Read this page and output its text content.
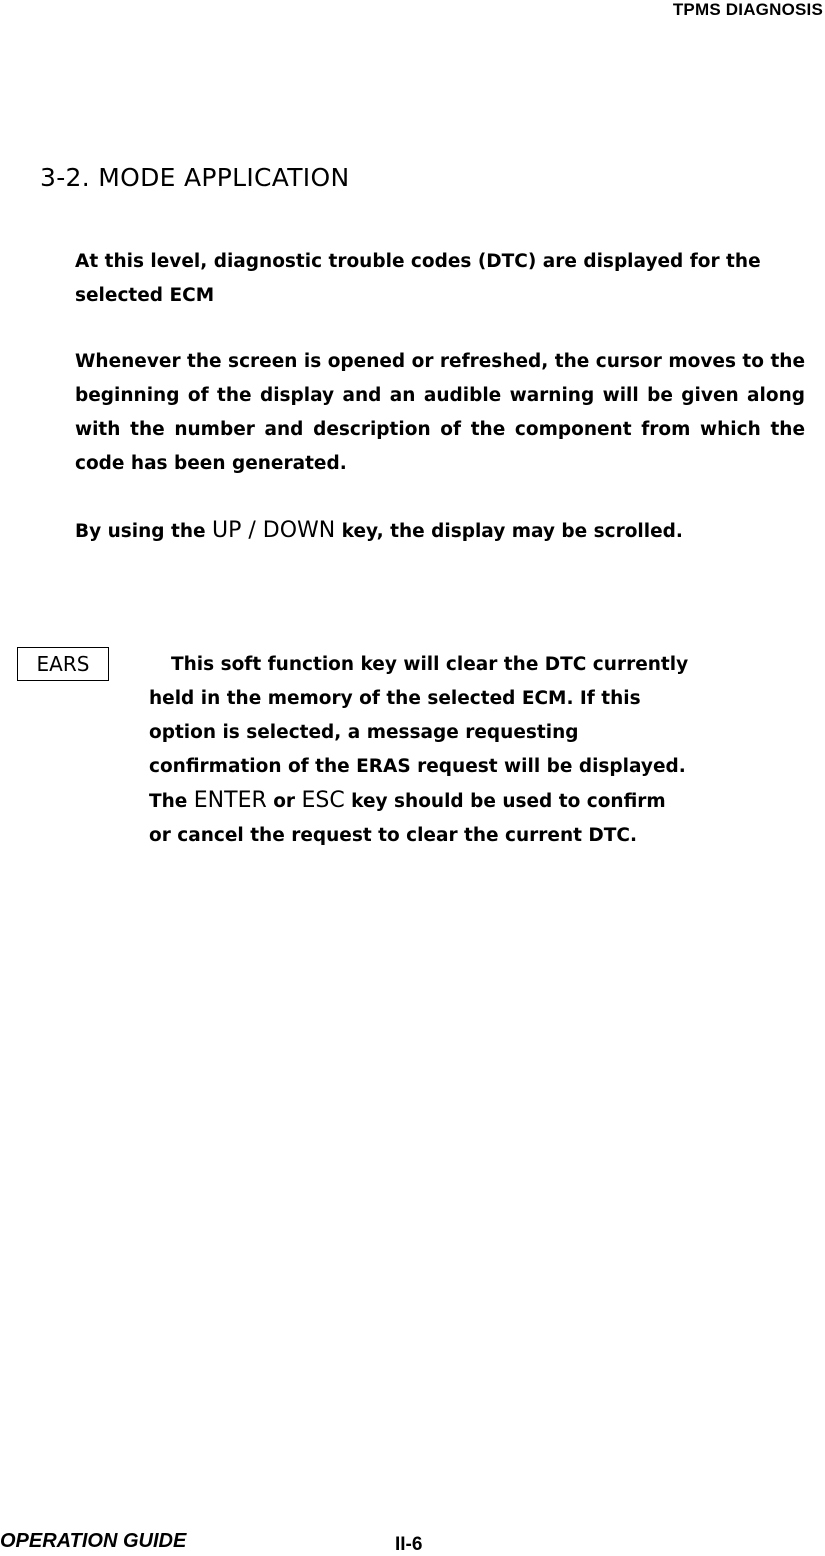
TPMS DIAGNOSIS
3-2. MODE APPLICATION
At this level, diagnostic trouble codes (DTC) are displayed for the selected ECM
Whenever the screen is opened or refreshed, the cursor moves to the beginning of the display and an audible warning will be given along with the number and description of the component from which the code has been generated.
By using the UP / DOWN key, the display may be scrolled.
EARS	This soft function key will clear the DTC currently
held in the memory of the selected ECM. If this
option is selected, a message requesting
confirmation of the ERAS request will be displayed.
The ENTER or ESC key should be used to confirm
or cancel the request to clear the current DTC.
OPERATION GUIDE	II-6
